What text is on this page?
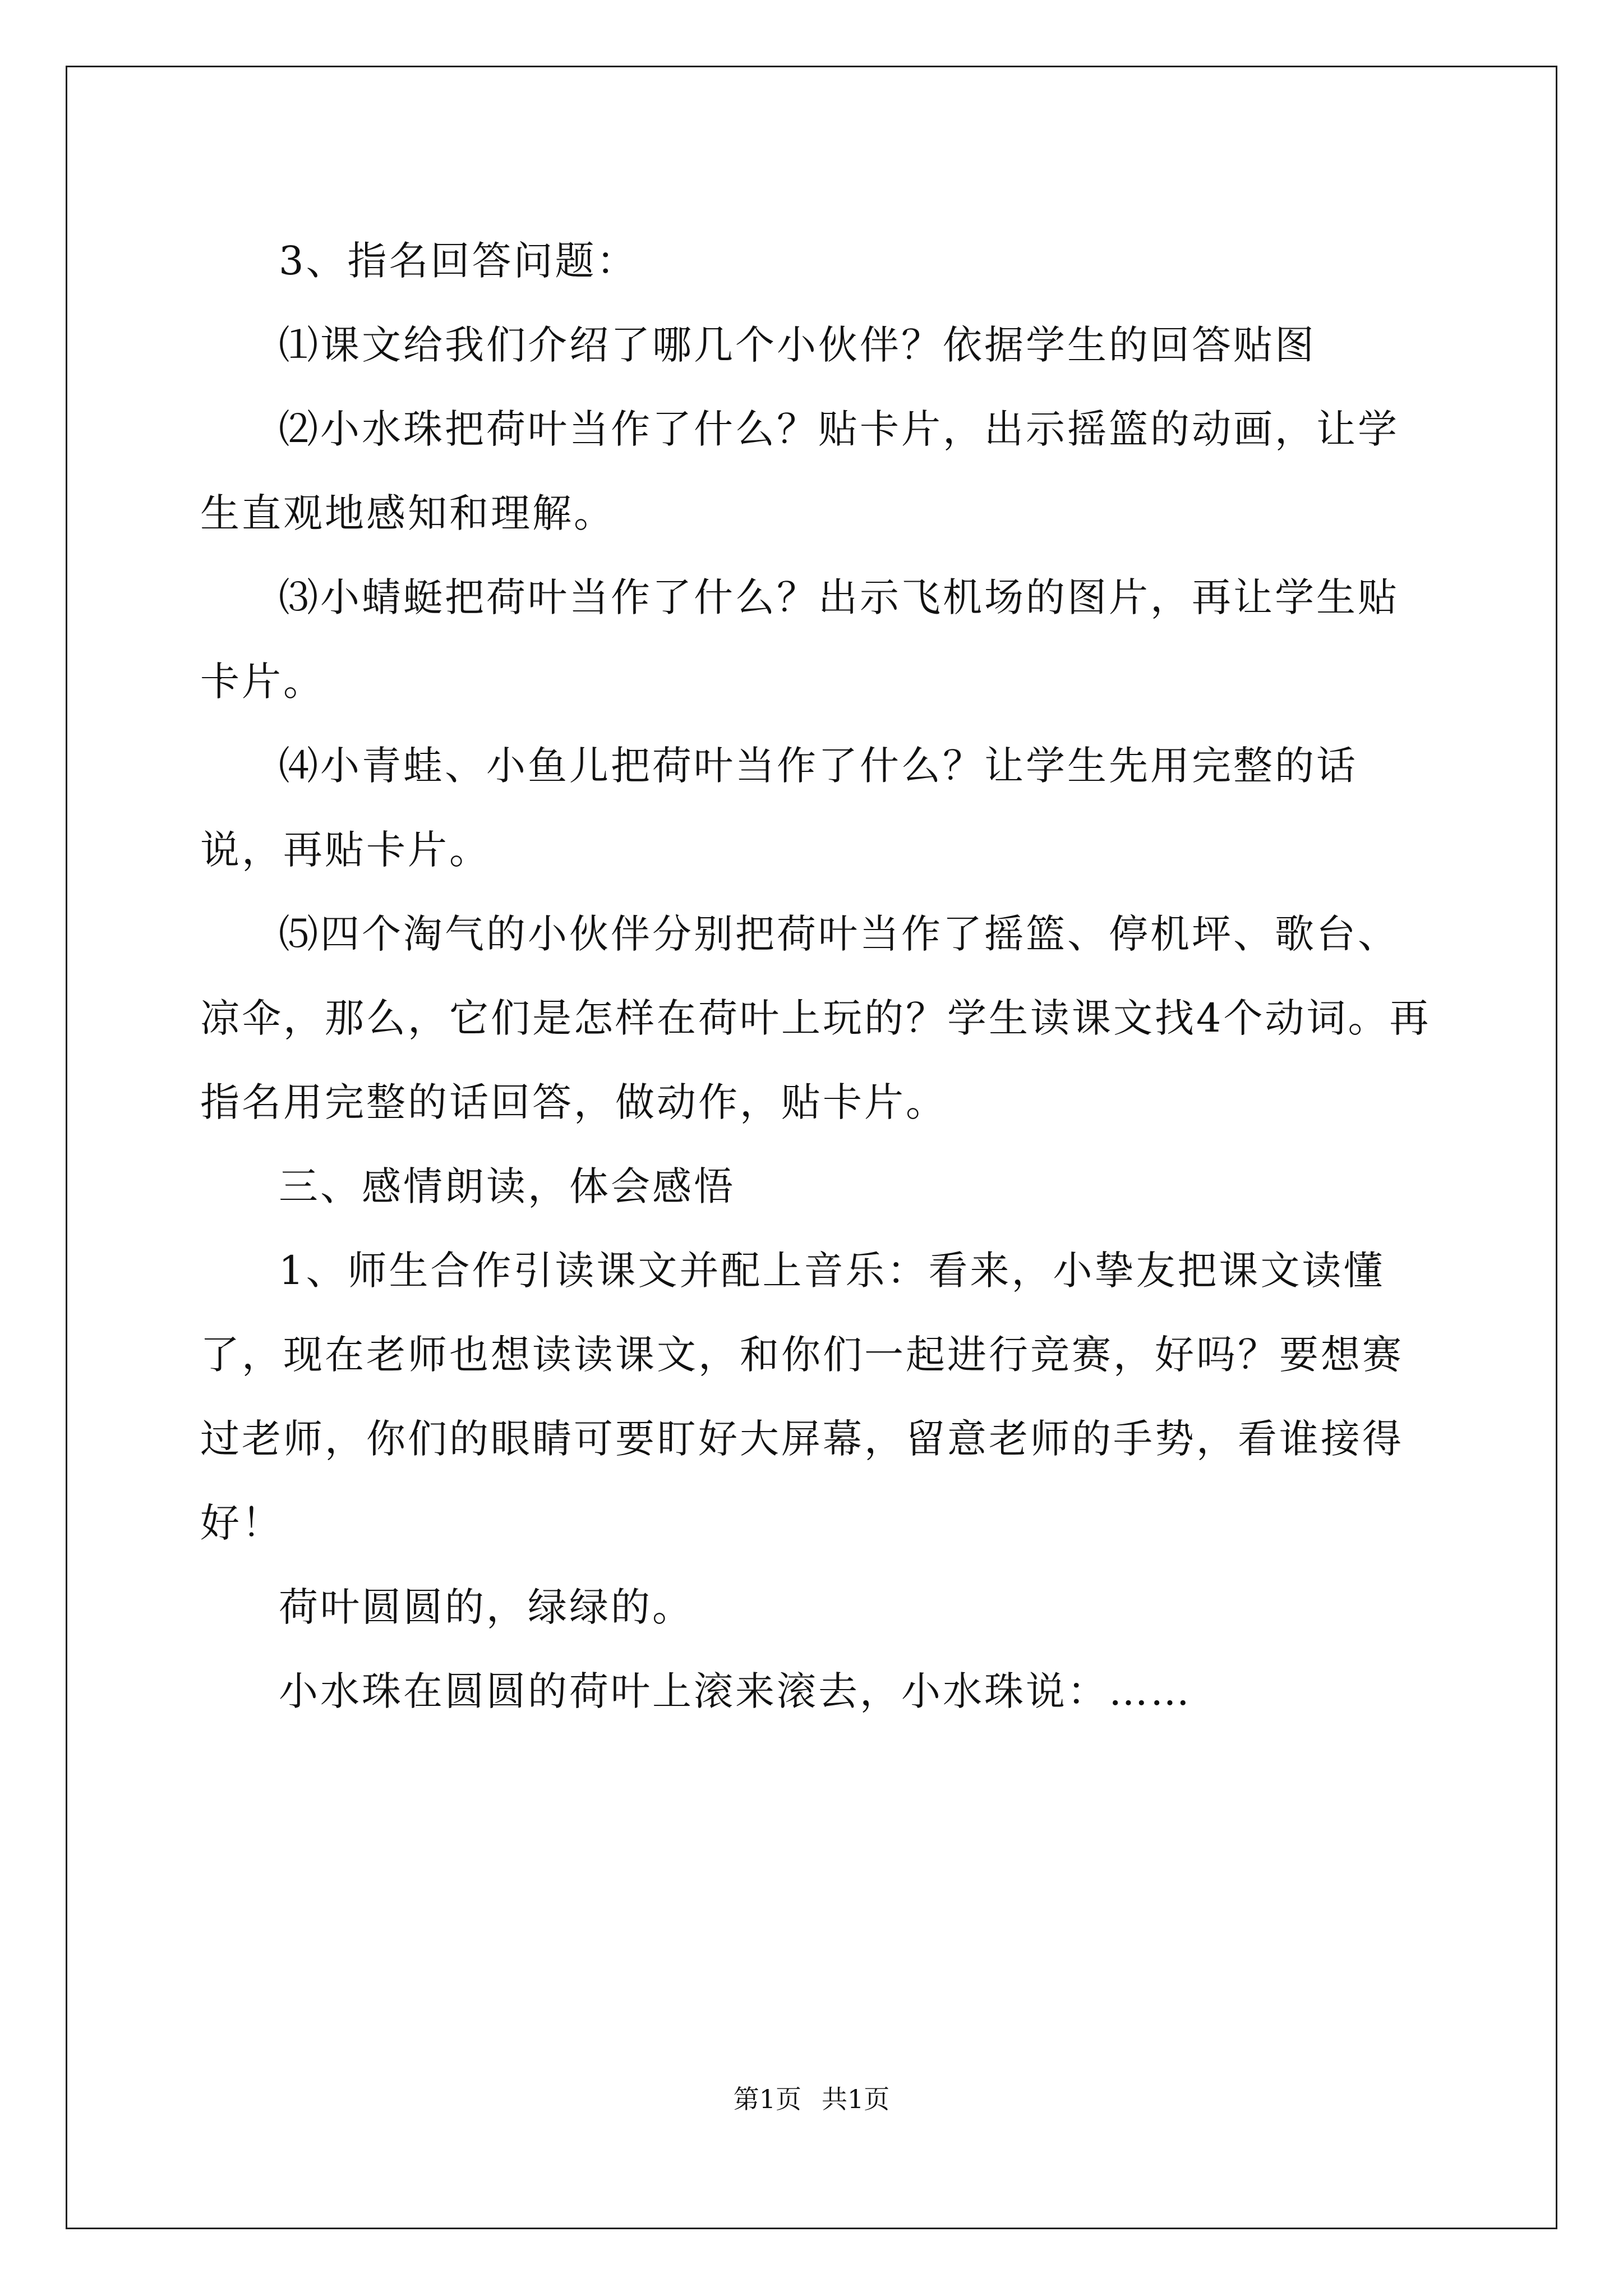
3、指名回答问题：

⑴课文给我们介绍了哪几个小伙伴？依据学生的回答贴图

⑵小水珠把荷叶当作了什么？贴卡片，出示摇篮的动画，让学生直观地感知和理解。

⑶小蜻蜓把荷叶当作了什么？出示飞机场的图片，再让学生贴卡片。

⑷小青蛙、小鱼儿把荷叶当作了什么？让学生先用完整的话说，再贴卡片。

⑸四个淘气的小伙伴分别把荷叶当作了摇篮、停机坪、歌台、凉伞，那么，它们是怎样在荷叶上玩的？学生读课文找4个动词。再指名用完整的话回答，做动作，贴卡片。

三、感情朗读，体会感悟

1、师生合作引读课文并配上音乐：看来，小挚友把课文读懂了，现在老师也想读读课文，和你们一起进行竞赛，好吗？要想赛过老师，你们的眼睛可要盯好大屏幕，留意老师的手势，看谁接得好！

荷叶圆圆的，绿绿的。

小水珠在圆圆的荷叶上滚来滚去，小水珠说：……

第1页 共1页
